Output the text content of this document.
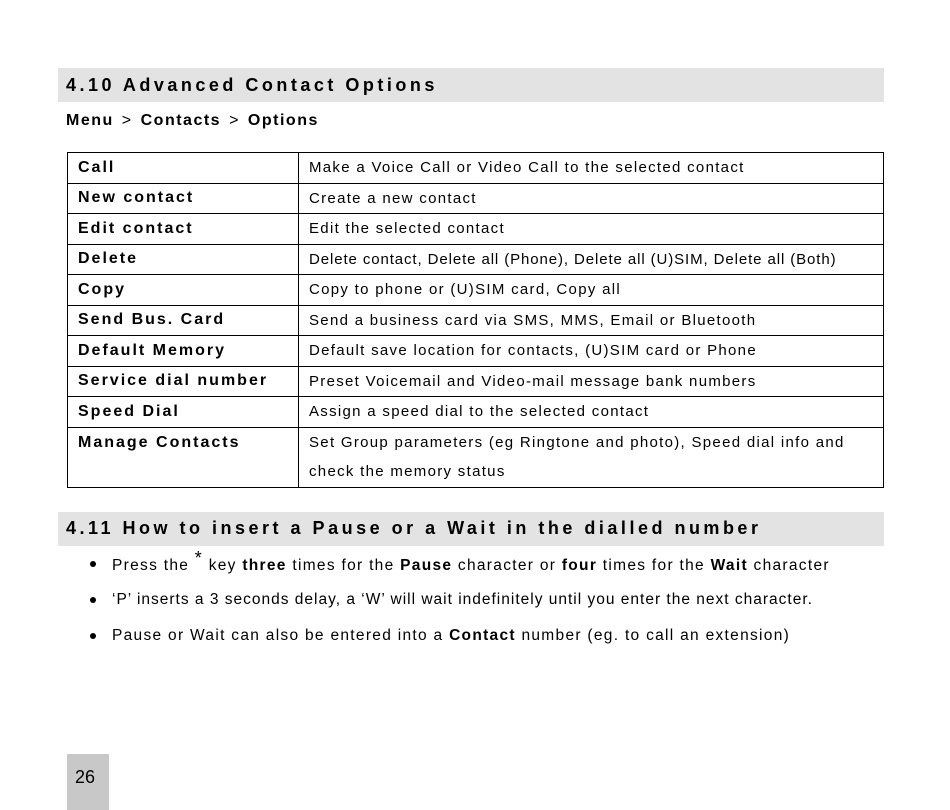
4.10 Advanced Contact Options
Menu > Contacts > Options
Call	Make a Voice Call or Video Call to the selected contact
New contact	Create a new contact
Edit contact	Edit the selected contact
Delete	Delete contact, Delete all (Phone), Delete all (U)SIM, Delete all (Both)
Copy	Copy to phone or (U)SIM card, Copy all
Send Bus. Card	Send a business card via SMS, MMS, Email or Bluetooth
Default Memory	Default save location for contacts, (U)SIM card or Phone
Service dial number	Preset Voicemail and Video-mail message bank numbers
Speed Dial	Assign a speed dial to the selected contact
Manage Contacts	Set Group parameters (eg Ringtone and photo), Speed dial info and
check the memory status
4.11 How to insert a Pause or a Wait in the dialled number
Press the * key three times for the Pause character or four times for the Wait character
‘P’ inserts a 3 seconds delay, a ‘W’ will wait indefinitely until you enter the next character.
Pause or Wait can also be entered into a Contact number (eg. to call an extension)
26
